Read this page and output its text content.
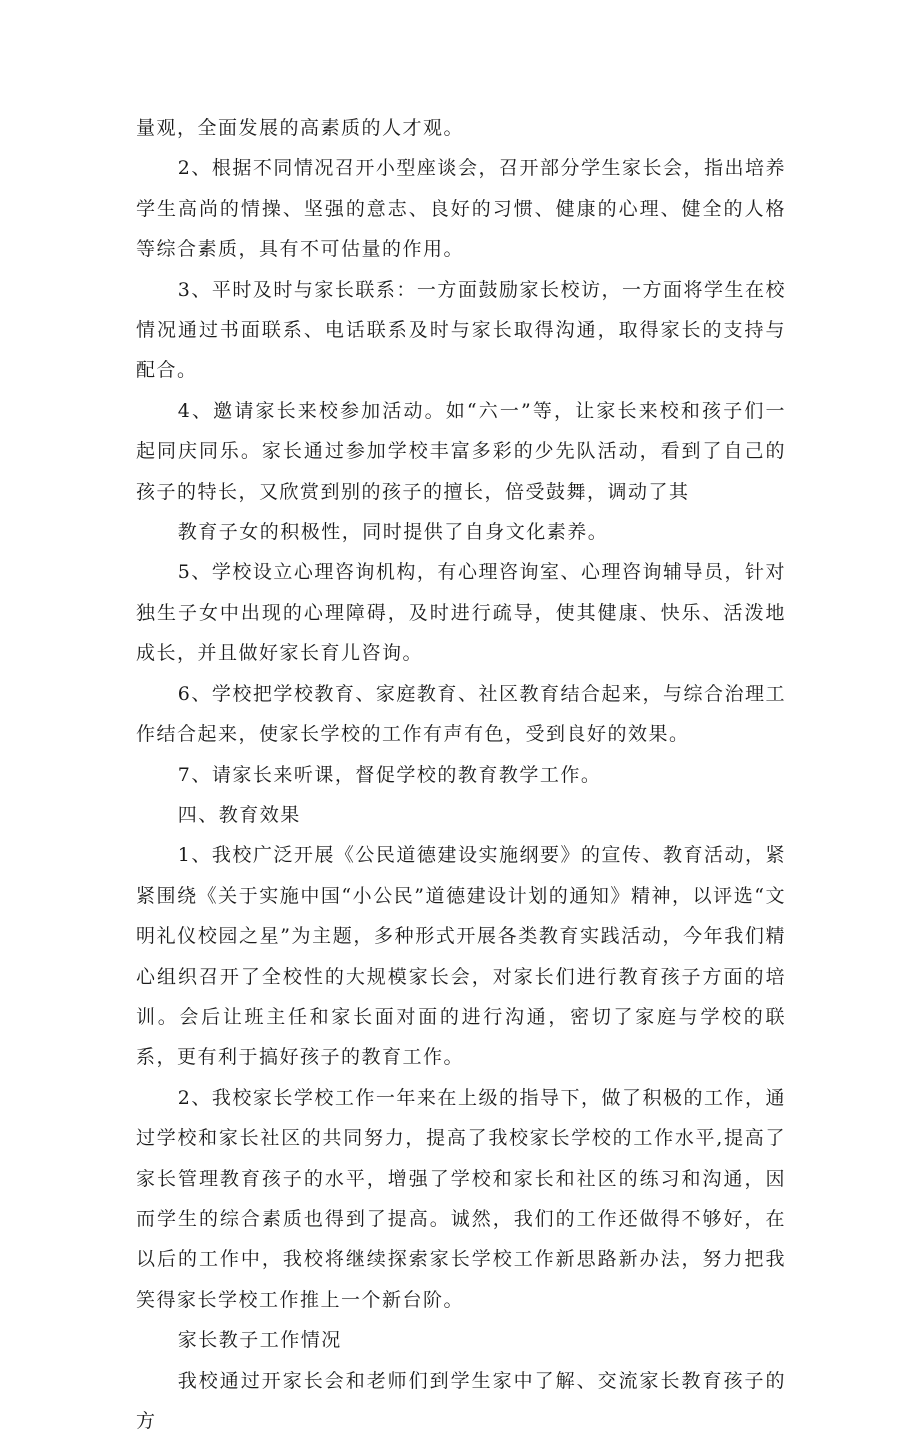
量观，全面发展的高素质的人才观。

2、根据不同情况召开小型座谈会，召开部分学生家长会，指出培养学生高尚的情操、坚强的意志、良好的习惯、健康的心理、健全的人格等综合素质，具有不可估量的作用。

3、平时及时与家长联系：一方面鼓励家长校访，一方面将学生在校情况通过书面联系、电话联系及时与家长取得沟通，取得家长的支持与配合。

4、邀请家长来校参加活动。如“六一”等，让家长来校和孩子们一起同庆同乐。家长通过参加学校丰富多彩的少先队活动，看到了自己的孩子的特长，又欣赏到别的孩子的擅长，倍受鼓舞，调动了其

教育子女的积极性，同时提供了自身文化素养。

5、学校设立心理咨询机构，有心理咨询室、心理咨询辅导员，针对独生子女中出现的心理障碍，及时进行疏导，使其健康、快乐、活泼地成长，并且做好家长育儿咨询。

6、学校把学校教育、家庭教育、社区教育结合起来，与综合治理工作结合起来，使家长学校的工作有声有色，受到良好的效果。

7、请家长来听课，督促学校的教育教学工作。

四、教育效果

1、我校广泛开展《公民道德建设实施纲要》的宣传、教育活动，紧紧围绕《关于实施中国“小公民”道德建设计划的通知》精神，以评选“文明礼仪校园之星”为主题，多种形式开展各类教育实践活动，今年我们精心组织召开了全校性的大规模家长会，对家长们进行教育孩子方面的培训。会后让班主任和家长面对面的进行沟通，密切了家庭与学校的联系，更有利于搞好孩子的教育工作。

2、我校家长学校工作一年来在上级的指导下，做了积极的工作，通过学校和家长社区的共同努力，提高了我校家长学校的工作水平,提高了家长管理教育孩子的水平，增强了学校和家长和社区的练习和沟通，因而学生的综合素质也得到了提高。诚然，我们的工作还做得不够好，在以后的工作中，我校将继续探索家长学校工作新思路新办法，努力把我笑得家长学校工作推上一个新台阶。

家长教子工作情况

我校通过开家长会和老师们到学生家中了解、交流家长教育孩子的方
